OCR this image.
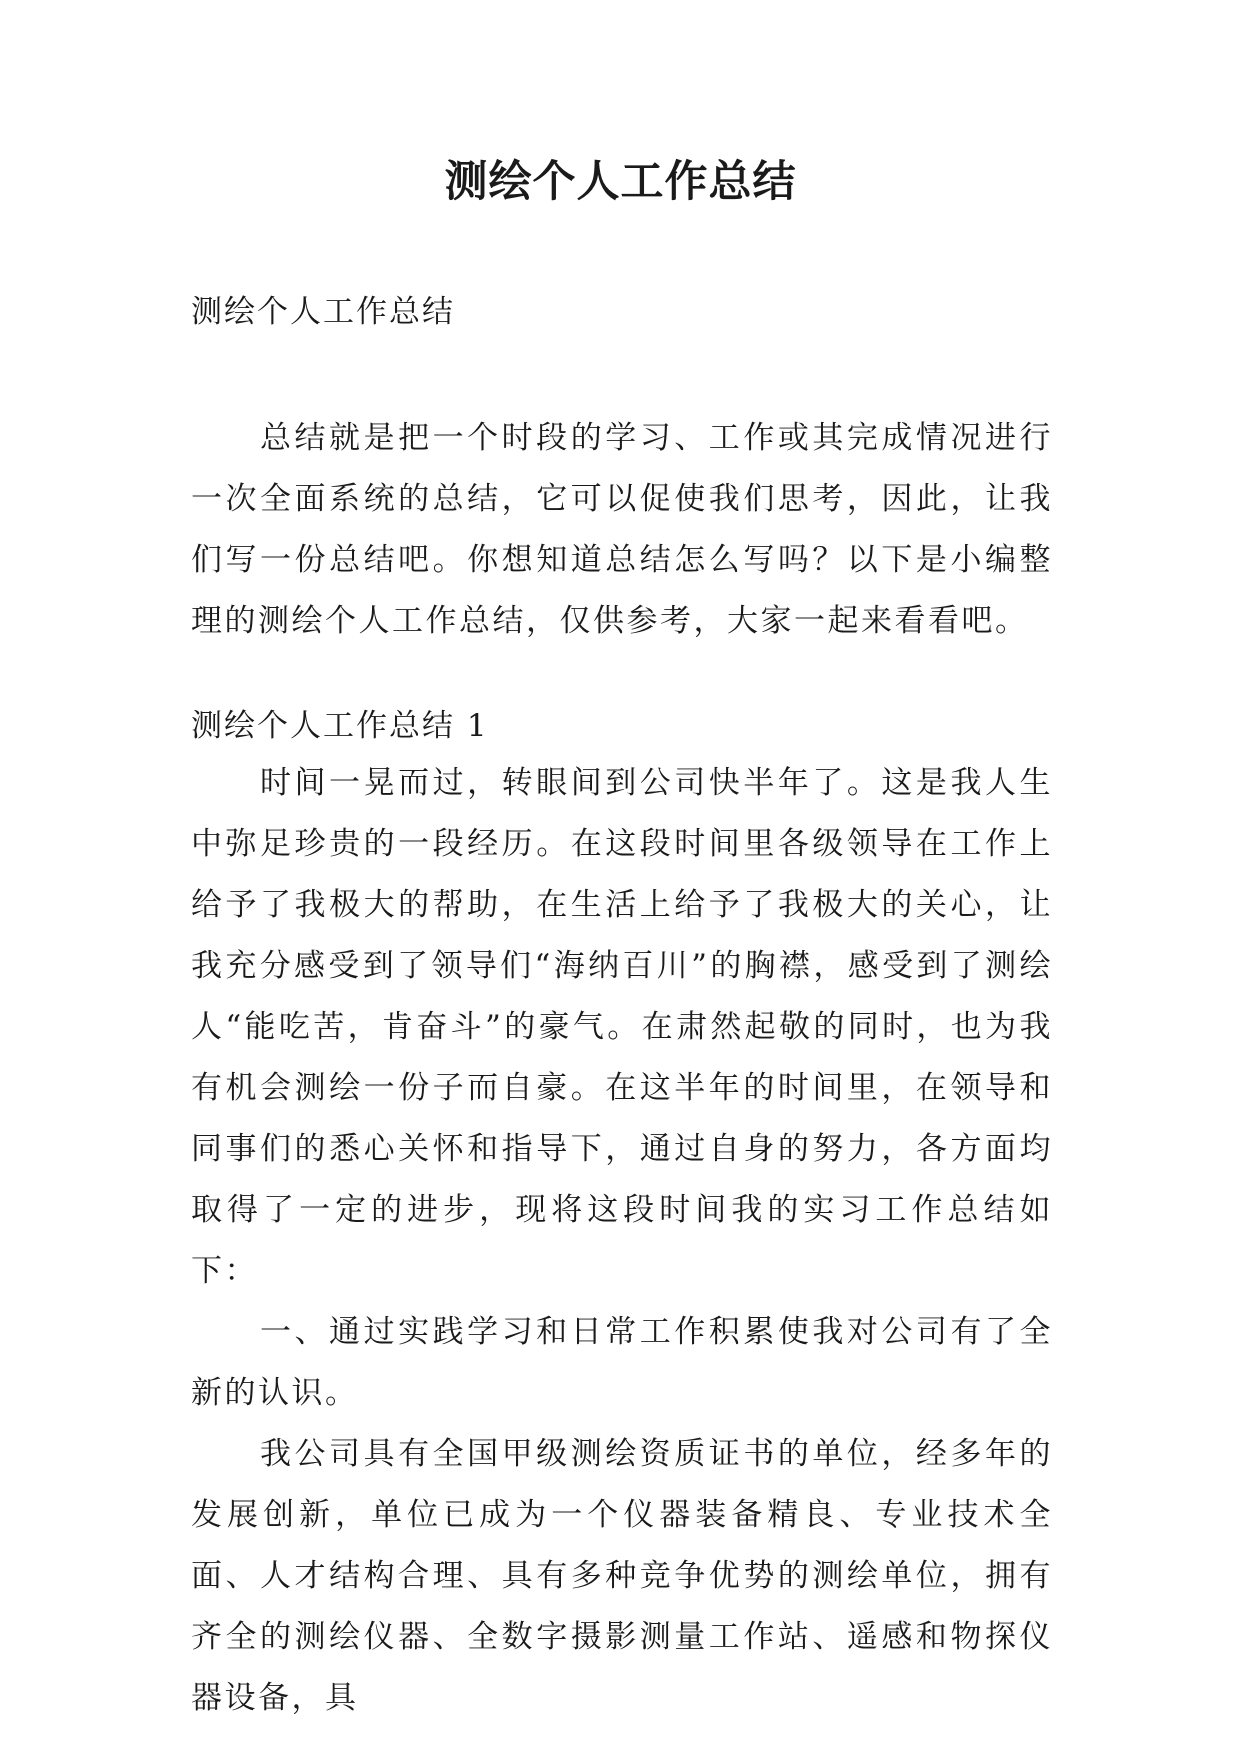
测绘个人工作总结

测绘个人工作总结

总结就是把一个时段的学习、工作或其完成情况进行一次全面系统的总结，它可以促使我们思考，因此，让我们写一份总结吧。你想知道总结怎么写吗？以下是小编整理的测绘个人工作总结，仅供参考，大家一起来看看吧。

测绘个人工作总结 1

时间一晃而过，转眼间到公司快半年了。这是我人生中弥足珍贵的一段经历。在这段时间里各级领导在工作上给予了我极大的帮助，在生活上给予了我极大的关心，让我充分感受到了领导们“海纳百川”的胸襟，感受到了测绘人“能吃苦，肯奋斗”的豪气。在肃然起敬的同时，也为我有机会测绘一份子而自豪。在这半年的时间里，在领导和同事们的悉心关怀和指导下，通过自身的努力，各方面均取得了一定的进步，现将这段时间我的实习工作总结如下：

一、通过实践学习和日常工作积累使我对公司有了全新的认识。

我公司具有全国甲级测绘资质证书的单位，经多年的发展创新，单位已成为一个仪器装备精良、专业技术全面、人才结构合理、具有多种竞争优势的测绘单位，拥有齐全的测绘仪器、全数字摄影测量工作站、遥感和物探仪器设备，具
